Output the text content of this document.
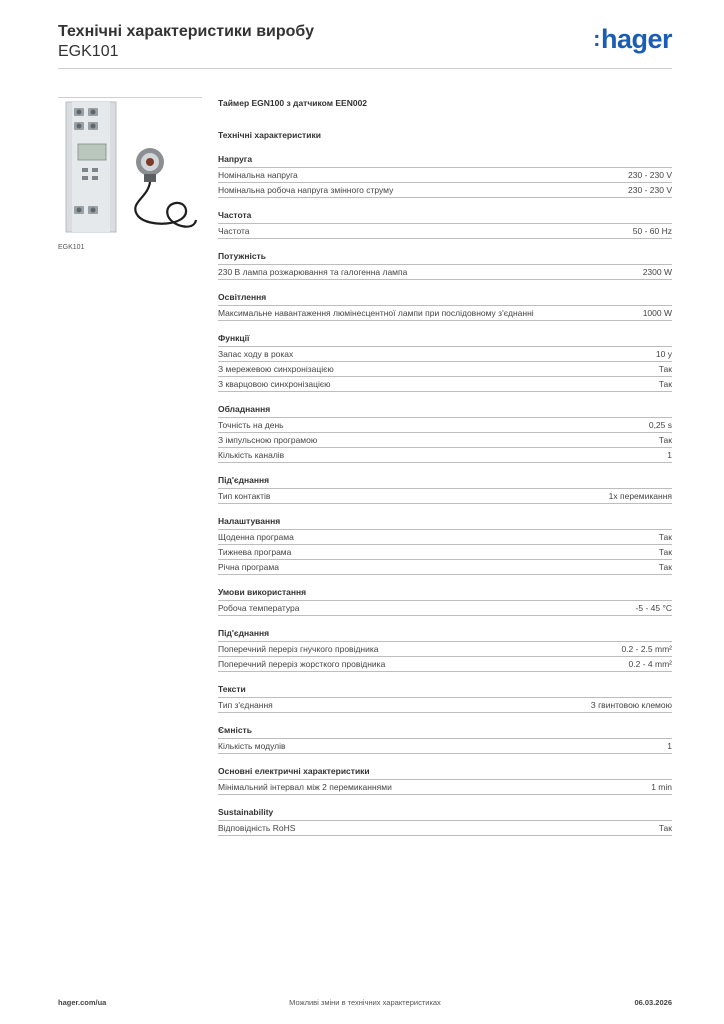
Технічні характеристики виробу

EGK101

:hager
EGK101
Таймер EGN100 з датчиком EEN002
Технічні характеристики
Напруга
Номінальна напруга	230 - 230 V
Номінальна робоча напруга змінного струму	230 - 230 V
Частота
Частота	50 - 60 Hz
Потужність
230 В лампа розжарювання та галогенна лампа	2300 W
Освітлення
Максимальне навантаження люмінесцентної лампи при послідовному з'єднанні	1000 W
Функції
Запас ходу в роках	10 y
З мережевою синхронізацією	Так
З кварцовою синхронізацією	Так
Обладнання
Точність на день	0,25 s
З імпульсною програмою	Так
Кількість каналів	1
Під'єднання
Тип контактів	1х перемикання
Налаштування
Щоденна програма	Так
Тижнева програма	Так
Річна програма	Так
Умови використання
Робоча температура	-5 - 45 °C
Під'єднання
Поперечний переріз гнучкого провідника	0.2 - 2.5 mm²
Поперечний переріз жорсткого провідника	0.2 - 4 mm²
Тексти
Тип з'єднання	З гвинтовою клемою
Ємність
Кількість модулів	1
Основні електричні характеристики
Мінімальний інтервал між 2 перемиканнями	1 min
Sustainability
Відповідність RoHS	Так
hager.com/ua	Можливі зміни в технічних характеристиках	06.03.2026
